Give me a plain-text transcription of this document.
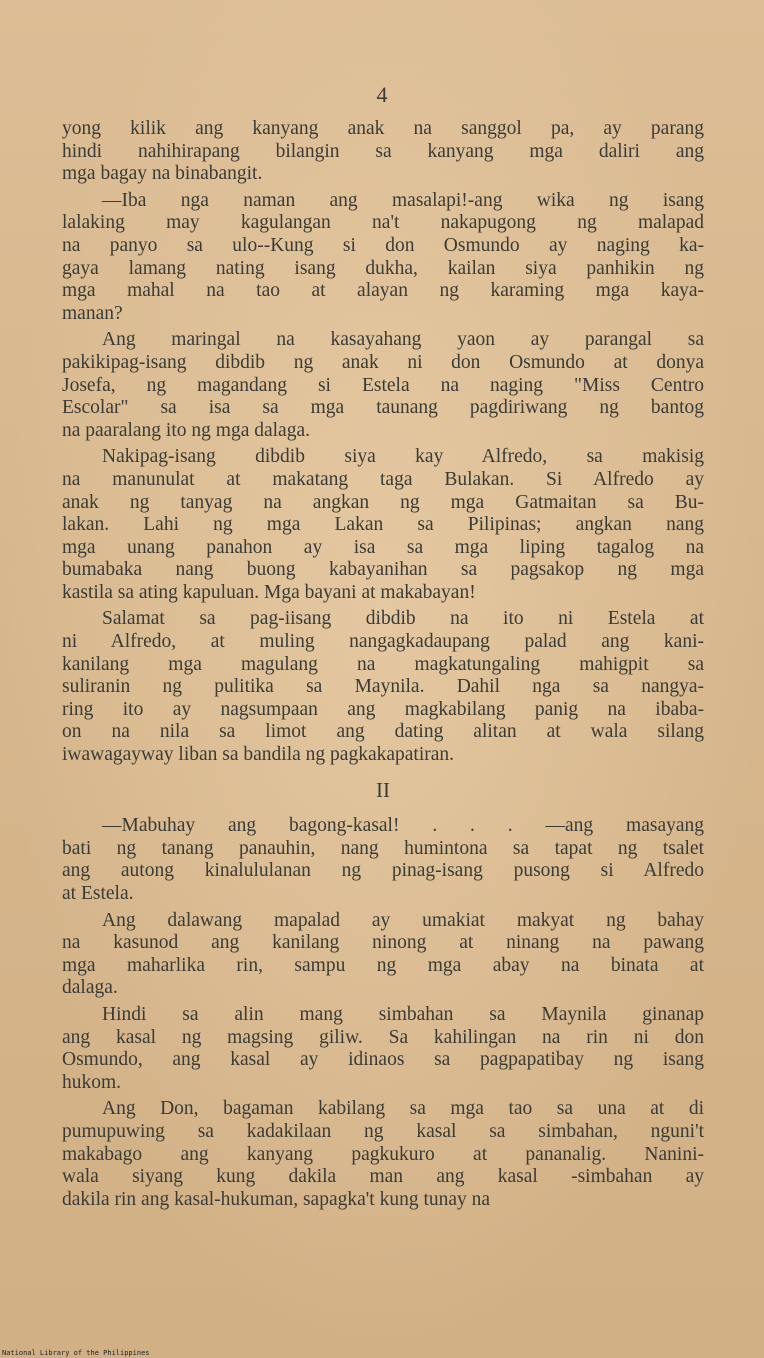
4
yong kilik ang kanyang anak na sanggol pa, ay parang
hindi nahihirapang bilangin sa kanyang mga daliri ang
mga bagay na binabangit.
—Iba nga naman ang masalapi!-ang wika ng isang
lalaking may kagulangan na't nakapugong ng malapad
na panyo sa ulo--Kung si don Osmundo ay naging ka-
gaya lamang nating isang dukha, kailan siya panhikin ng
mga mahal na tao at alayan ng karaming mga kaya-
manan?
Ang maringal na kasayahang yaon ay parangal sa
pakikipag-isang dibdib ng anak ni don Osmundo at donya
Josefa, ng magandang si Estela na naging "Miss Centro
Escolar" sa isa sa mga taunang pagdiriwang ng bantog
na paaralang ito ng mga dalaga.
Nakipag-isang dibdib siya kay Alfredo, sa makisig
na manunulat at makatang taga Bulakan. Si Alfredo ay
anak ng tanyag na angkan ng mga Gatmaitan sa Bu-
lakan. Lahi ng mga Lakan sa Pilipinas; angkan nang
mga unang panahon ay isa sa mga liping tagalog na
bumabaka nang buong kabayanihan sa pagsakop ng mga
kastila sa ating kapuluan. Mga bayani at makabayan!
Salamat sa pag-iisang dibdib na ito ni Estela at
ni Alfredo, at muling nangagkadaupang palad ang kani-
kanilang mga magulang na magkatungaling mahigpit sa
suliranin ng pulitika sa Maynila. Dahil nga sa nangya-
ring ito ay nagsumpaan ang magkabilang panig na ibaba-
on na nila sa limot ang dating alitan at wala silang
iwawagayway liban sa bandila ng pagkakapatiran.
II
—Mabuhay ang bagong-kasal! . . . —ang masayang
bati ng tanang panauhin, nang humintona sa tapat ng tsalet
ang autong kinalululanan ng pinag-isang pusong si Alfredo
at Estela.
Ang dalawang mapalad ay umakiat makyat ng bahay
na kasunod ang kanilang ninong at ninang na pawang
mga maharlika rin, sampu ng mga abay na binata at
dalaga.
Hindi sa alin mang simbahan sa Maynila ginanap
ang kasal ng magsing giliw. Sa kahilingan na rin ni don
Osmundo, ang kasal ay idinaos sa pagpapatibay ng isang
hukom.
Ang Don, bagaman kabilang sa mga tao sa una at di
pumupuwing sa kadakilaan ng kasal sa simbahan, nguni't
makabago ang kanyang pagkukuro at pananalig. Nanini-
wala siyang kung dakila man ang kasal -simbahan ay
dakila rin ang kasal-hukuman, sapagka't kung tunay na
National Library of the Philippines
